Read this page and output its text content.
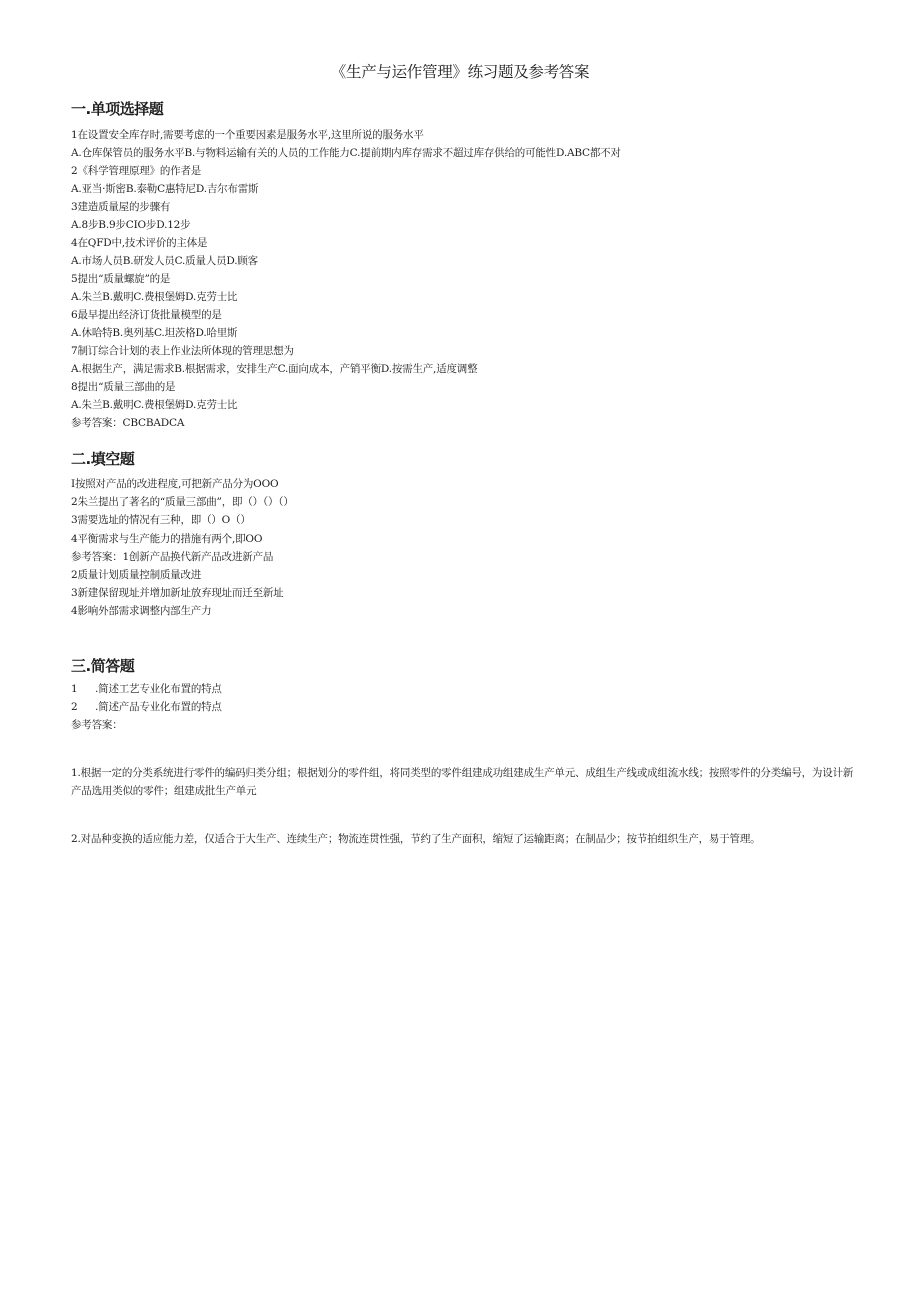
《生产与运作管理》练习题及参考答案
一.单项选择题
1在设置安全库存时,需要考虑的一个重要因素是服务水平,这里所说的服务水平
A.仓库保管员的服务水平B.与物料运输有关的人员的工作能力C.提前期内库存需求不超过库存供给的可能性D.ABC都不对
2《科学管理原理》的作者是
A.亚当·斯密B.泰勒C惠特尼D.吉尔布雷斯
3建造质量屋的步骤有
A.8步B.9步CIO步D.12步
4在QFD中,技术评价的主体是
A.市场人员B.研发人员C.质量人员D.顾客
5提出“质量螺旋”的是
A.朱兰B.戴明C.费根堡姆D.克劳士比
6最早提出经济订货批量模型的是
A.休哈特B.奥列基C.坦茨格D.哈里斯
7制订综合计划的表上作业法所体现的管理思想为
A.根据生产，满足需求B.根据需求，安排生产C.面向成本，产销平衡D.按需生产,适度调整
8提出“质量三部曲的是
A.朱兰B.戴明C.费根堡姆D.克劳士比
参考答案：CBCBADCA
二.填空题
I按照对产品的改进程度,可把新产品分为OOO
2朱兰提出了著名的“质量三部曲”，即（）（）（）
3需要选址的情况有三种，即（）O（）
4平衡需求与生产能力的措施有两个,即OO
参考答案：1创新产品换代新产品改进新产品
2质量计划质量控制质量改进
3新建保留现址并增加新址放弃现址而迁至新址
4影响外部需求调整内部生产力
三.简答题
1 .简述工艺专业化布置的特点
2 .简述产品专业化布置的特点
参考答案：
1.根据一定的分类系统进行零件的编码归类分组；根据划分的零件组，将同类型的零件组建成功组建成生产单元、成组生产线或成组流水线；按照零件的分类编号，为设计新产品选用类似的零件；组建成批生产单元
2.对品种变换的适应能力差，仅适合于大生产、连续生产；物流连贯性强，节约了生产面积，缩短了运输距离；在制品少；按节拍组织生产，易于管理。
